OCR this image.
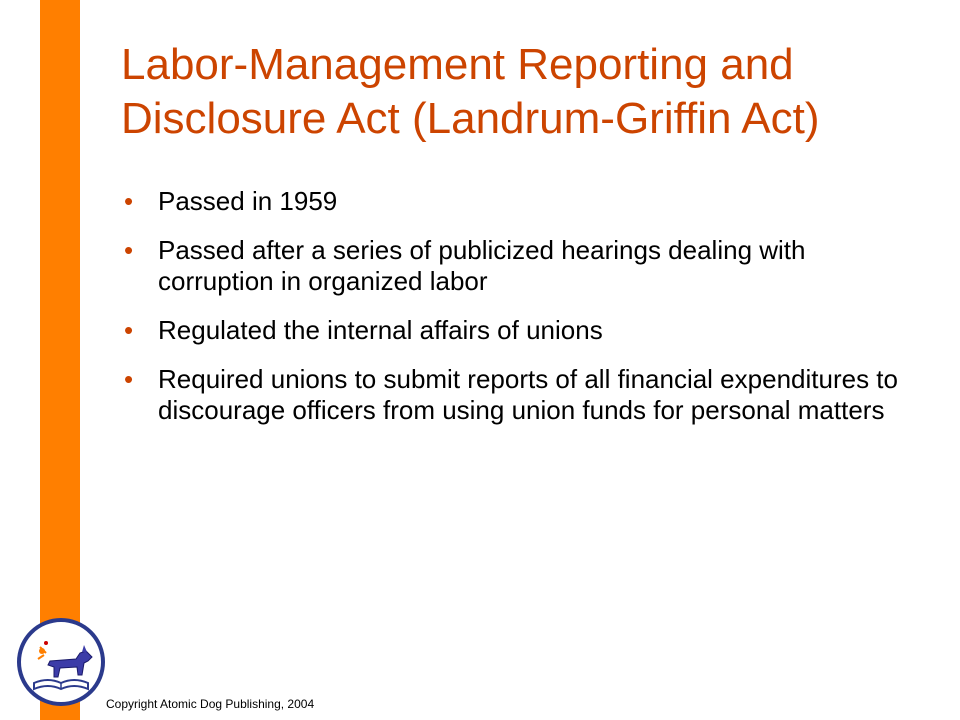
Labor-Management Reporting and Disclosure Act (Landrum-Griffin Act)
• Passed in 1959
• Passed after a series of publicized hearings dealing with corruption in organized labor
• Regulated the internal affairs of unions
• Required unions to submit reports of all financial expenditures to discourage officers from using union funds for personal matters
Copyright Atomic Dog Publishing, 2004
